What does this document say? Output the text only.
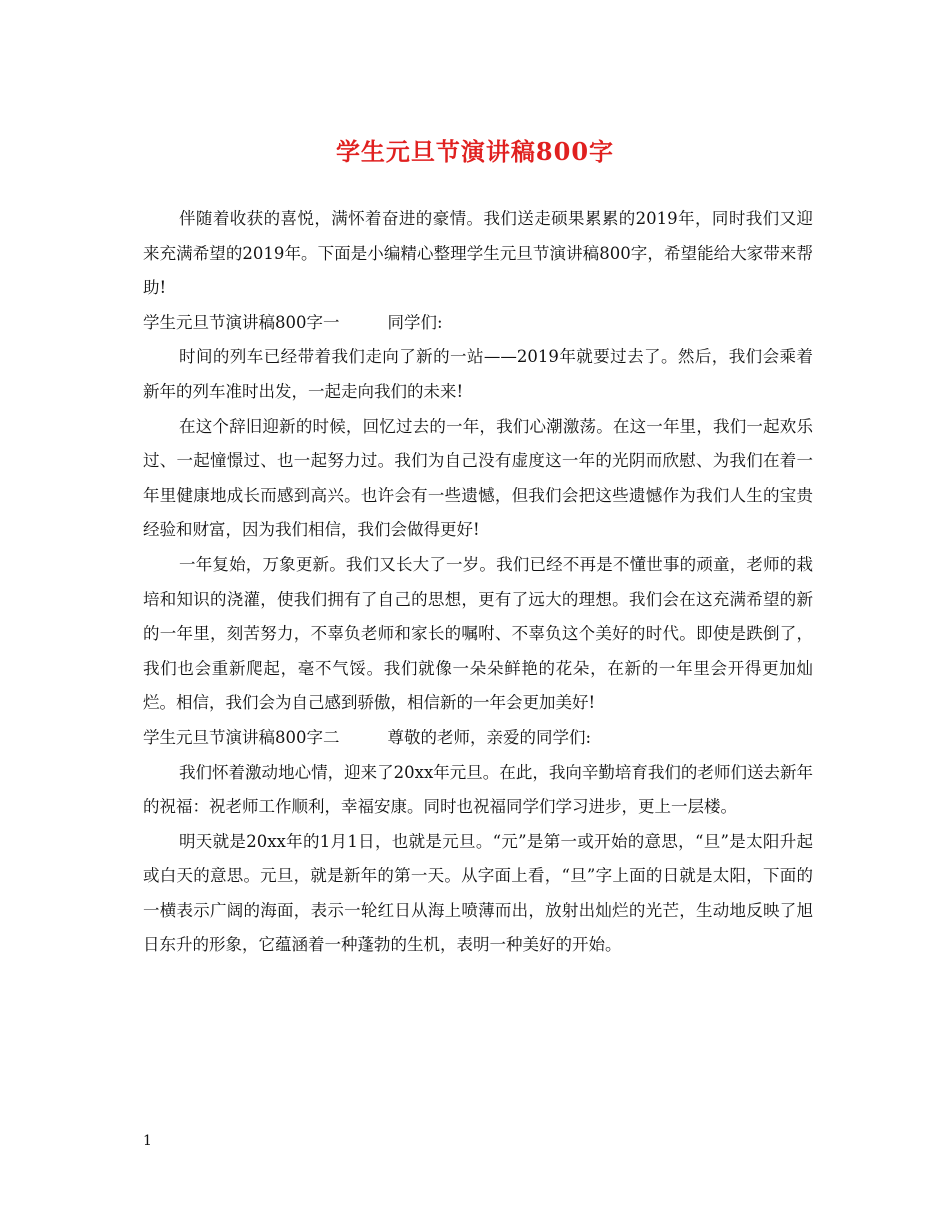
学生元旦节演讲稿800字

伴随着收获的喜悦，满怀着奋进的豪情。我们送走硕果累累的2019年，同时我们又迎来充满希望的2019年。下面是小编精心整理学生元旦节演讲稿800字，希望能给大家带来帮助!

学生元旦节演讲稿800字一	同学们:

时间的列车已经带着我们走向了新的一站——2019年就要过去了。然后，我们会乘着新年的列车准时出发，一起走向我们的未来!

在这个辞旧迎新的时候，回忆过去的一年，我们心潮激荡。在这一年里，我们一起欢乐过、一起憧憬过、也一起努力过。我们为自己没有虚度这一年的光阴而欣慰、为我们在着一年里健康地成长而感到高兴。也许会有一些遗憾，但我们会把这些遗憾作为我们人生的宝贵经验和财富，因为我们相信，我们会做得更好!

一年复始，万象更新。我们又长大了一岁。我们已经不再是不懂世事的顽童，老师的栽培和知识的浇灌，使我们拥有了自己的思想，更有了远大的理想。我们会在这充满希望的新的一年里，刻苦努力，不辜负老师和家长的嘱咐、不辜负这个美好的时代。即使是跌倒了，我们也会重新爬起，毫不气馁。我们就像一朵朵鲜艳的花朵，在新的一年里会开得更加灿烂。相信，我们会为自己感到骄傲，相信新的一年会更加美好!

学生元旦节演讲稿800字二	尊敬的老师，亲爱的同学们:

我们怀着激动地心情，迎来了20xx年元旦。在此，我向辛勤培育我们的老师们送去新年的祝福：祝老师工作顺利，幸福安康。同时也祝福同学们学习进步，更上一层楼。

明天就是20xx年的1月1日，也就是元旦。“元”是第一或开始的意思，“旦”是太阳升起或白天的意思。元旦，就是新年的第一天。从字面上看，“旦”字上面的日就是太阳，下面的一横表示广阔的海面，表示一轮红日从海上喷薄而出，放射出灿烂的光芒，生动地反映了旭日东升的形象，它蕴涵着一种蓬勃的生机，表明一种美好的开始。

1
